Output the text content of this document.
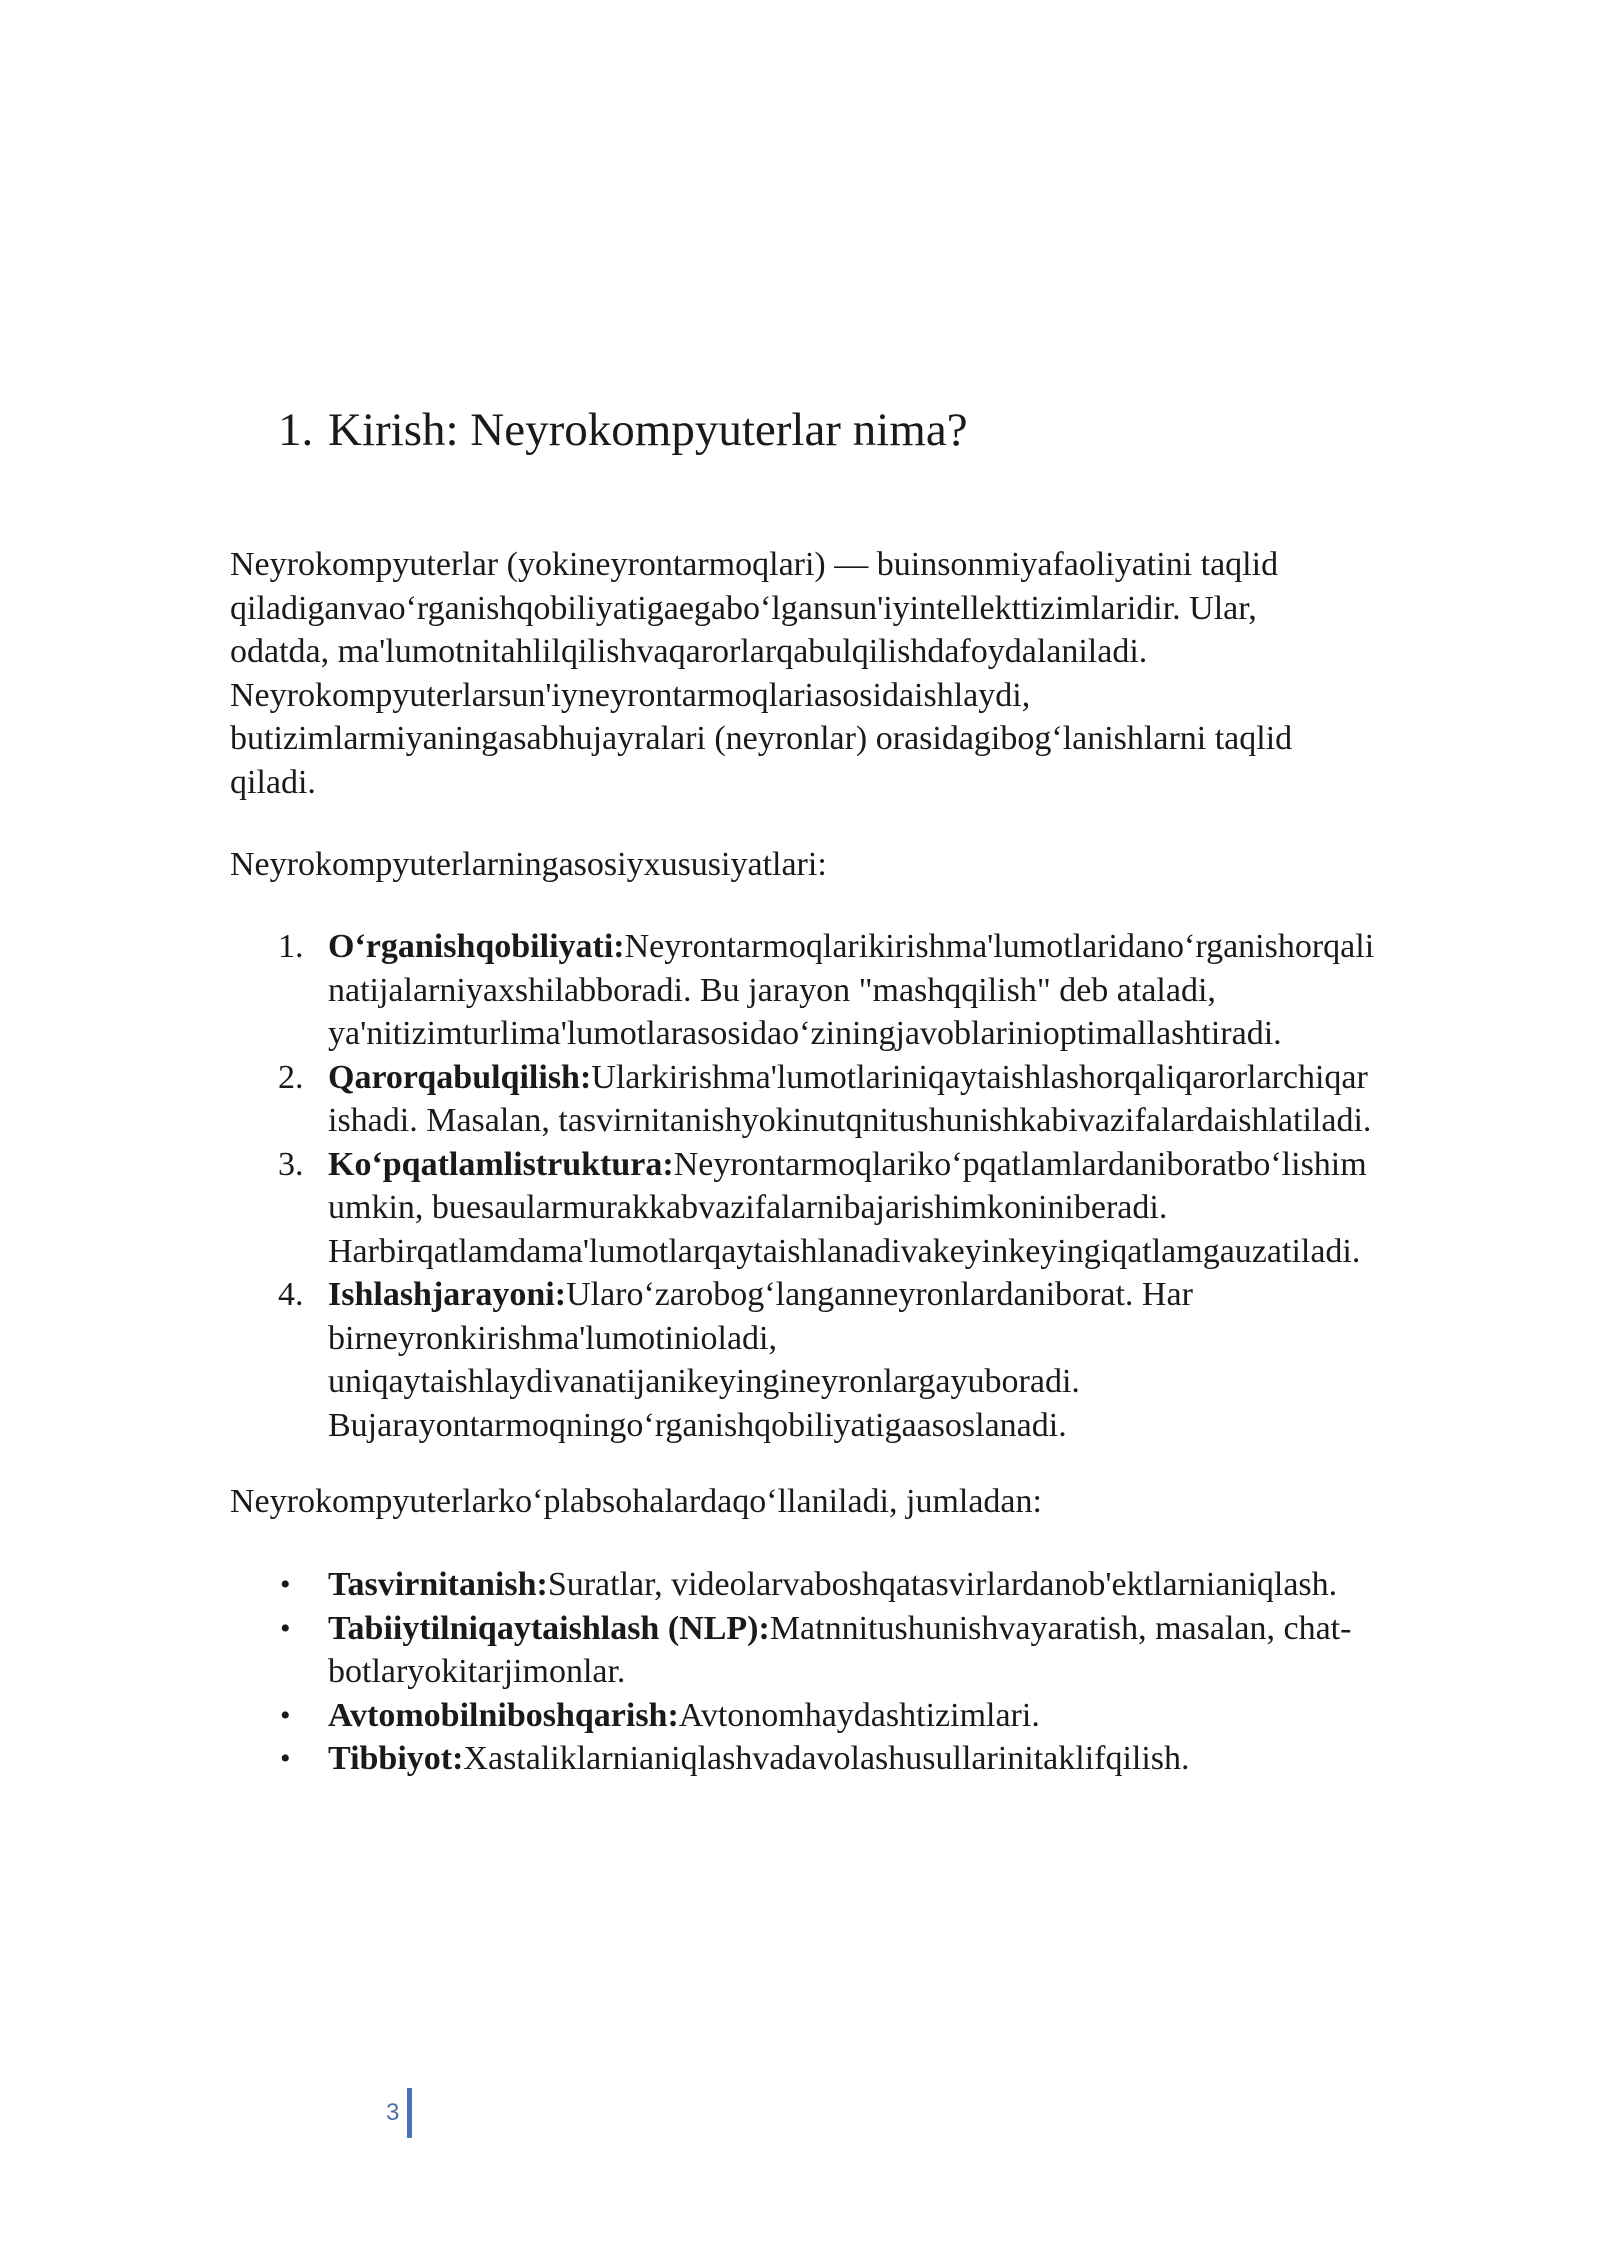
1. Kirish: Neyrokompyuterlar nima?

Neyrokompyuterlar (yokineyrontarmoqlari) — buinsonmiyafaoliyatini taqlid
qiladiganvaoʻrganishqobiliyatigaegaboʻlgansun'iyintellekttizimlaridir. Ular,
odatda, ma'lumotnitahlilqilishvaqarorlarqabulqilishdafoydalaniladi.
Neyrokompyuterlarsun'iyneyrontarmoqlariasosidaishlaydi,
butizimlarmiyaningasabhujayralari (neyronlar) orasidagibogʻlanishlarni taqlid
qiladi.

Neyrokompyuterlarningasosiyxususiyatlari:

1. Oʻrganishqobiliyati:Neyrontarmoqlarikirishma'lumotlaridanoʻrganishorqali
natijalarniyaxshilabboradi. Bu jarayon "mashqqilish" deb ataladi,
ya'nitizimturlima'lumotlarasosidaoʻziningjavoblarinioptimallashtiradi.
2. Qarorqabulqilish:Ularkirishma'lumotlariniqaytaishlashorqaliqarorlarchiqar
ishadi. Masalan, tasvirnitanishyokinutqnitushunishkabivazifalardaishlatiladi.
3. Koʻpqatlamlistruktura:Neyrontarmoqlarikoʻpqatlamlardaniboratboʻlishim
umkin, buesaularmurakkabvazifalarnibajarishimkoniniberadi.
Harbirqatlamdama'lumotlarqaytaishlanadivakeyinkeyingiqatlamgauzatiladi.
4. Ishlashjarayoni:Ularoʻzarobogʻlanganneyronlardaniborat. Har
birneyronkirishma'lumotinioladi,
uniqaytaishlaydivanatijanikeyingineyronlargayuboradi.
Bujarayontarmoqningoʻrganishqobiliyatigaasoslanadi.

Neyrokompyuterlarkoʻplabsohalardaqoʻllaniladi, jumladan:

• Tasvirnitanish:Suratlar, videolarvaboshqatasvirlardanob'ektlarnianiqlash.
• Tabiiytilniqaytaishlash (NLP):Matnnitushunishvayaratish, masalan, chat-
botlaryokitarjimonlar.
• Avtomobilniboshqarish:Avtonomhaydashtizimlari.
• Tibbiyot:Xastaliklarnianiqlashvadavolashusullarinitaklifqilish.
3
